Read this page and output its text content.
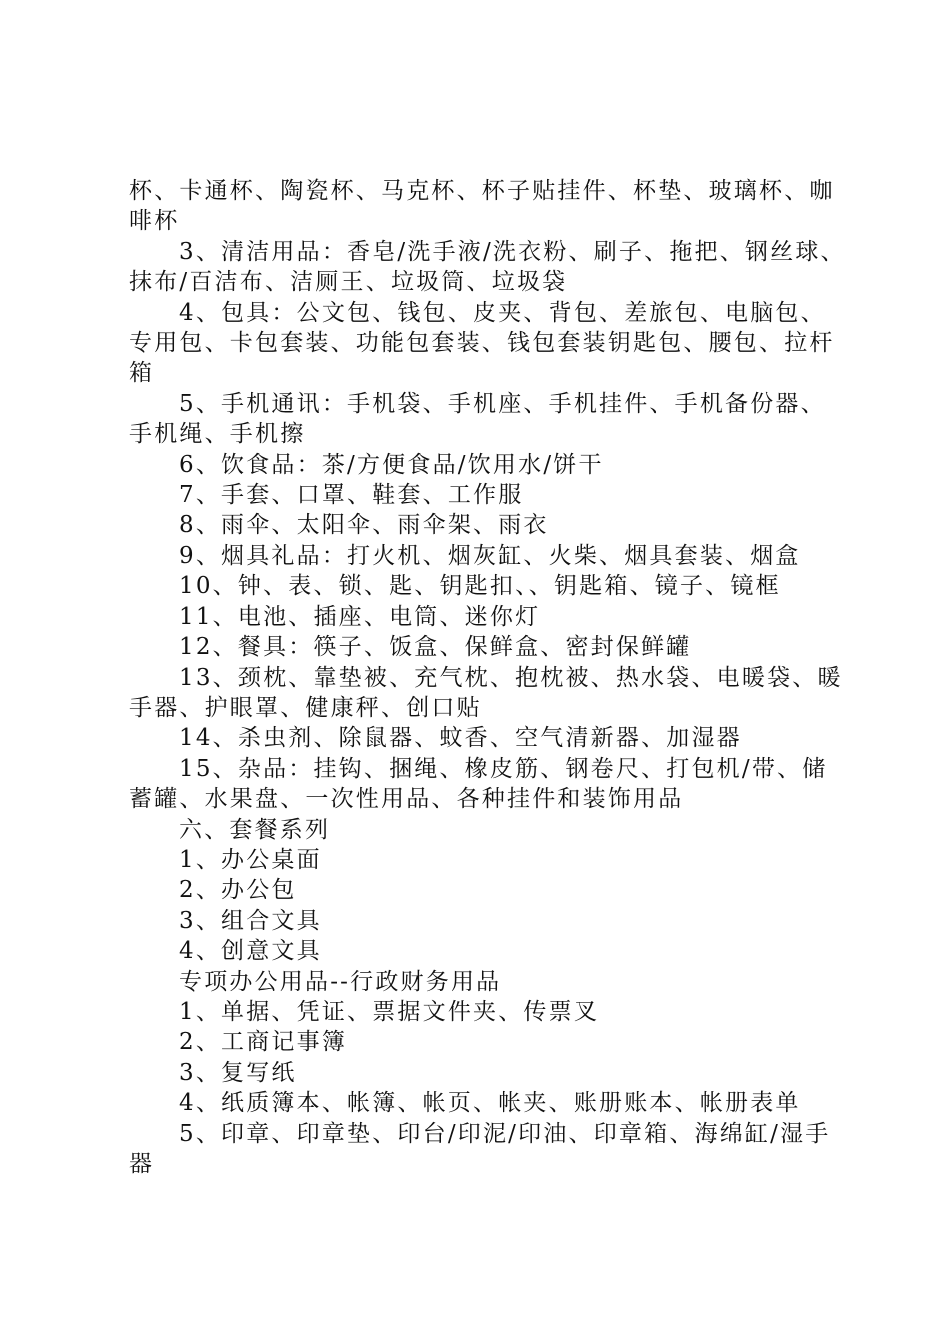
杯、卡通杯、陶瓷杯、马克杯、杯子贴挂件、杯垫、玻璃杯、咖啡杯

3、清洁用品：香皂/洗手液/洗衣粉、刷子、拖把、钢丝球、抹布/百洁布、洁厕王、垃圾筒、垃圾袋

4、包具：公文包、钱包、皮夹、背包、差旅包、电脑包、专用包、卡包套装、功能包套装、钱包套装钥匙包、腰包、拉杆箱

5、手机通讯：手机袋、手机座、手机挂件、手机备份器、手机绳、手机擦

6、饮食品：茶/方便食品/饮用水/饼干

7、手套、口罩、鞋套、工作服

8、雨伞、太阳伞、雨伞架、雨衣

9、烟具礼品：打火机、烟灰缸、火柴、烟具套装、烟盒

10、钟、表、锁、匙、钥匙扣、、钥匙箱、镜子、镜框

11、电池、插座、电筒、迷你灯

12、餐具：筷子、饭盒、保鲜盒、密封保鲜罐

13、颈枕、靠垫被、充气枕、抱枕被、热水袋、电暖袋、暖手器、护眼罩、健康秤、创口贴

14、杀虫剂、除鼠器、蚊香、空气清新器、加湿器

15、杂品：挂钩、捆绳、橡皮筋、钢卷尺、打包机/带、储蓄罐、水果盘、一次性用品、各种挂件和装饰用品

六、套餐系列

1、办公桌面

2、办公包

3、组合文具

4、创意文具

专项办公用品--行政财务用品

1、单据、凭证、票据文件夹、传票叉

2、工商记事簿

3、复写纸

4、纸质簿本、帐簿、帐页、帐夹、账册账本、帐册表单

5、印章、印章垫、印台/印泥/印油、印章箱、海绵缸/湿手器
